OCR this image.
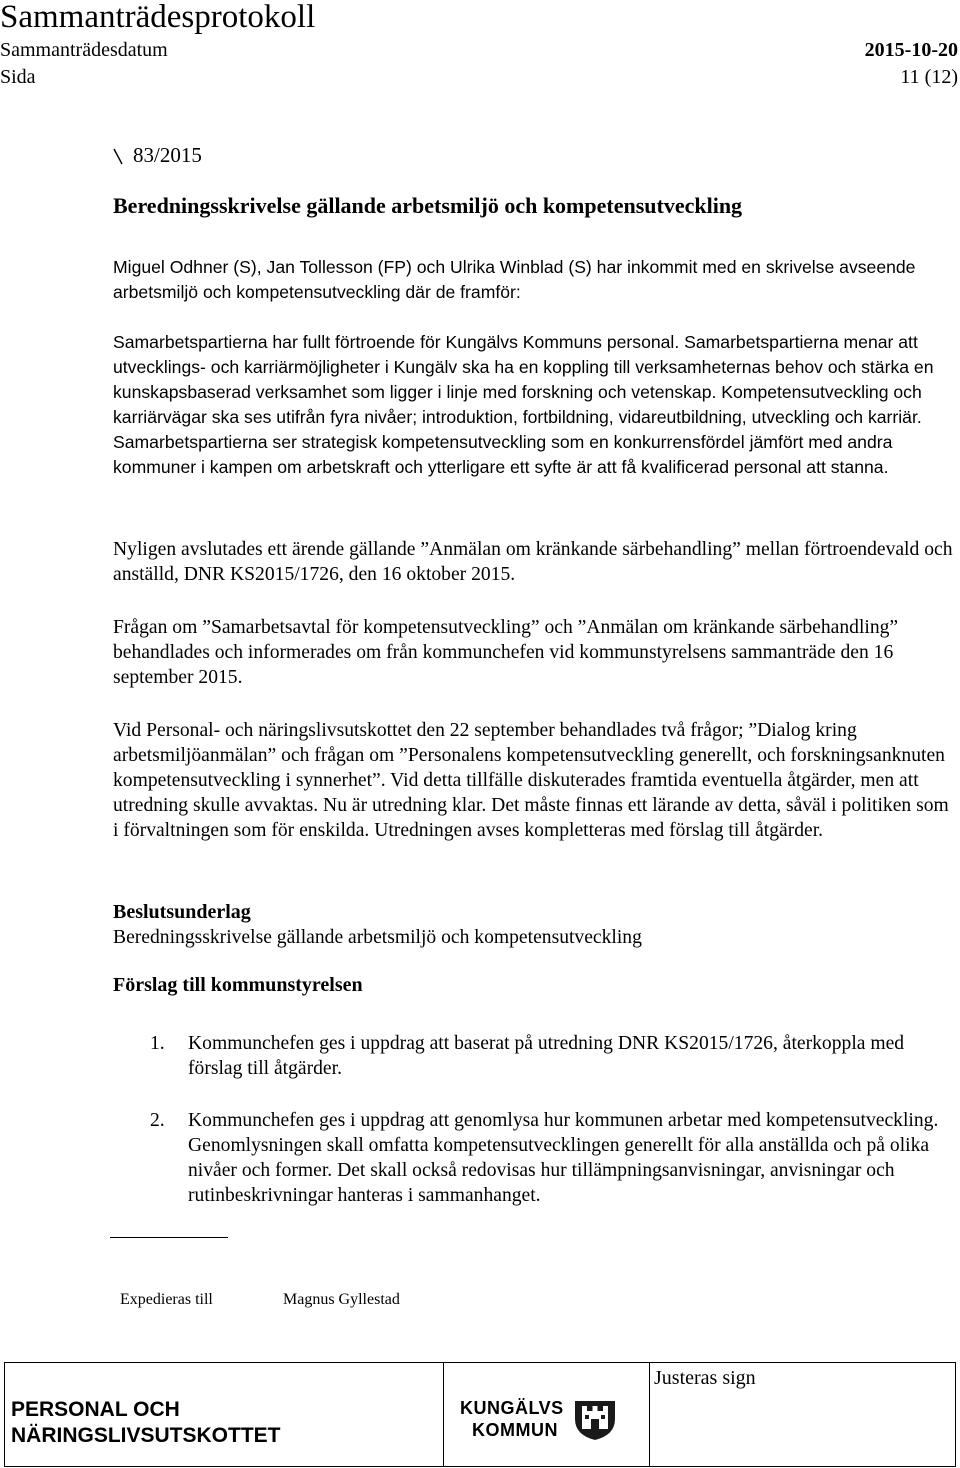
Sammanträdesprotokoll
Sammanträdesdatum	2015-10-20
Sida	11 (12)
83/2015
Beredningsskrivelse gällande arbetsmiljö och kompetensutveckling

Miguel Odhner (S), Jan Tollesson (FP) och Ulrika Winblad (S) har inkommit med en skrivelse avseende arbetsmiljö och kompetensutveckling där de framför:

Samarbetspartierna har fullt förtroende för Kungälvs Kommuns personal. Samarbetspartierna menar att utvecklings- och karriärmöjligheter i Kungälv ska ha en koppling till verksamheternas behov och stärka en kunskapsbaserad verksamhet som ligger i linje med forskning och vetenskap. Kompetensutveckling och karriärvägar ska ses utifrån fyra nivåer; introduktion, fortbildning, vidareutbildning, utveckling och karriär. Samarbetspartierna ser strategisk kompetensutveckling som en konkurrensfördel jämfört med andra kommuner i kampen om arbetskraft och ytterligare ett syfte är att få kvalificerad personal att stanna.

Nyligen avslutades ett ärende gällande ”Anmälan om kränkande särbehandling” mellan förtroendevald och anställd, DNR KS2015/1726, den 16 oktober 2015.

Frågan om ”Samarbetsavtal för kompetensutveckling” och ”Anmälan om kränkande särbehandling” behandlades och informerades om från kommunchefen vid kommunstyrelsens sammanträde den 16 september 2015.

Vid Personal- och näringslivsutskottet den 22 september behandlades två frågor; ”Dialog kring arbetsmiljöanmälan” och frågan om ”Personalens kompetensutveckling generellt, och forskningsanknuten kompetensutveckling i synnerhet”. Vid detta tillfälle diskuterades framtida eventuella åtgärder, men att utredning skulle avvaktas. Nu är utredning klar. Det måste finnas ett lärande av detta, såväl i politiken som i förvaltningen som för enskilda. Utredningen avses kompletteras med förslag till åtgärder.

Beslutsunderlag
Beredningsskrivelse gällande arbetsmiljö och kompetensutveckling
Förslag till kommunstyrelsen
1. Kommunchefen ges i uppdrag att baserat på utredning DNR KS2015/1726, återkoppla med förslag till åtgärder.
2. Kommunchefen ges i uppdrag att genomlysa hur kommunen arbetar med kompetensutveckling. Genomlysningen skall omfatta kompetensutvecklingen generellt för alla anställda och på olika nivåer och former. Det skall också redovisas hur tillämpningsanvisningar, anvisningar och rutinbeskrivningar hanteras i sammanhanget.
Expedieras till	Magnus Gyllestad
PERSONAL OCH
NÄRINGSLIVSUTSKOTTET
KUNGÄLVS
KOMMUN
Justeras sign
